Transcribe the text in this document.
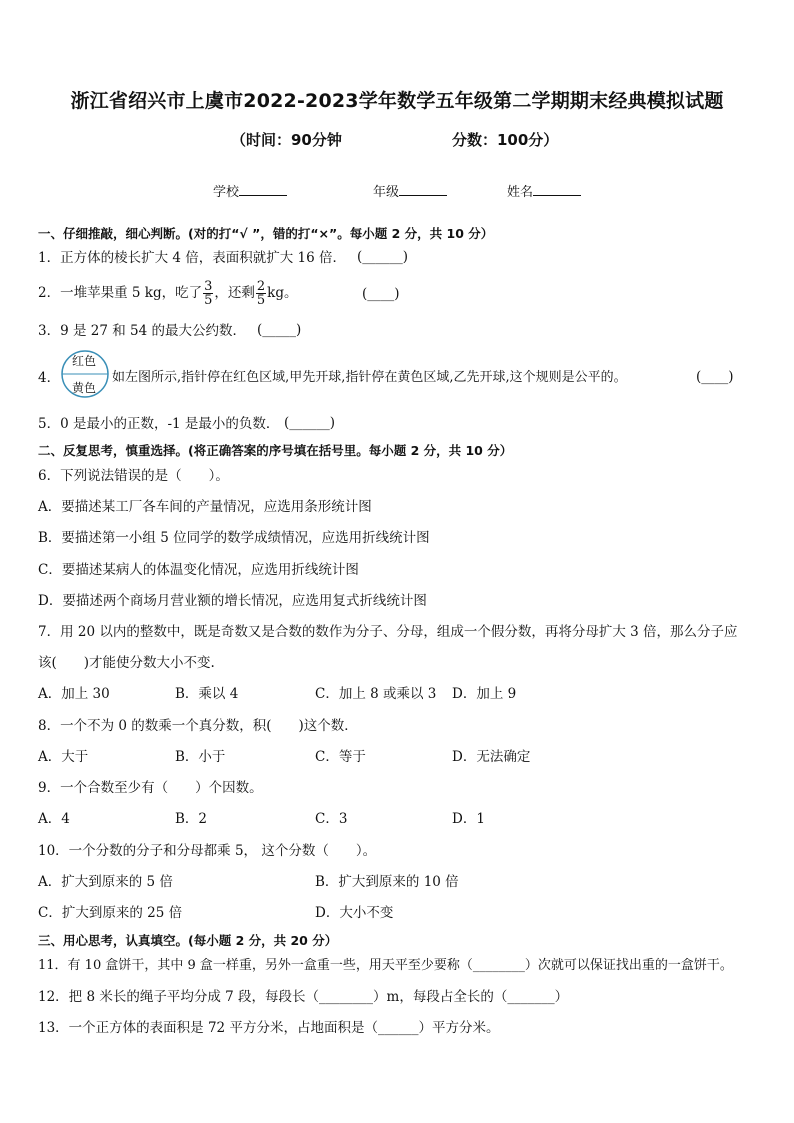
浙江省绍兴市上虞市2022-2023学年数学五年级第二学期期末经典模拟试题
（时间：90分钟	分数：100分）
学校	年级	姓名
一、仔细推敲，细心判断。(对的打“√ ”，错的打“×”。每小题 2 分，共 10 分）
1．正方体的棱长扩大 4 倍，表面积就扩大 16 倍． (______)
2．一堆苹果重 5 kg，吃了 $\frac{3}{5}$ ，还剩 $\frac{2}{5}$ kg。	(____)
3．9 是 27 和 54 的最大公约数． (_____)
4．
红色
黄色
如左图所示,指针停在红色区域,甲先开球,指针停在黄色区域,乙先开球,这个规则是公平的。	(____)
5．0 是最小的正数，-1 是最小的负数． (______)
二、反复思考，慎重选择。(将正确答案的序号填在括号里。每小题 2 分，共 10 分）
6．下列说法错误的是（　　）。
A．要描述某工厂各车间的产量情况，应选用条形统计图
B．要描述第一小组 5 位同学的数学成绩情况，应选用折线统计图
C．要描述某病人的体温变化情况，应选用折线统计图
D．要描述两个商场月营业额的增长情况，应选用复式折线统计图
7．用 20 以内的整数中，既是奇数又是合数的数作为分子、分母，组成一个假分数，再将分母扩大 3 倍，那么分子应
该(　　)才能使分数大小不变.
A．加上 30	B．乘以 4	C．加上 8 或乘以 3 D．加上 9
8．一个不为 0 的数乘一个真分数，积(　　)这个数．
A．大于	B．小于	C．等于	D．无法确定
9．一个合数至少有（　　）个因数。
A．4	B．2	C．3	D．1
10．一个分数的分子和分母都乘 5， 这个分数（　　）。
A．扩大到原来的 5 倍	B．扩大到原来的 10 倍
C．扩大到原来的 25 倍	D．大小不变
三、用心思考，认真填空。(每小题 2 分，共 20 分）
11．有 10 盒饼干，其中 9 盒一样重，另外一盒重一些，用天平至少要称（________）次就可以保证找出重的一盒饼干。
12．把 8 米长的绳子平均分成 7 段，每段长（________）m，每段占全长的（_______）
13．一个正方体的表面积是 72 平方分米，占地面积是（______）平方分米。
